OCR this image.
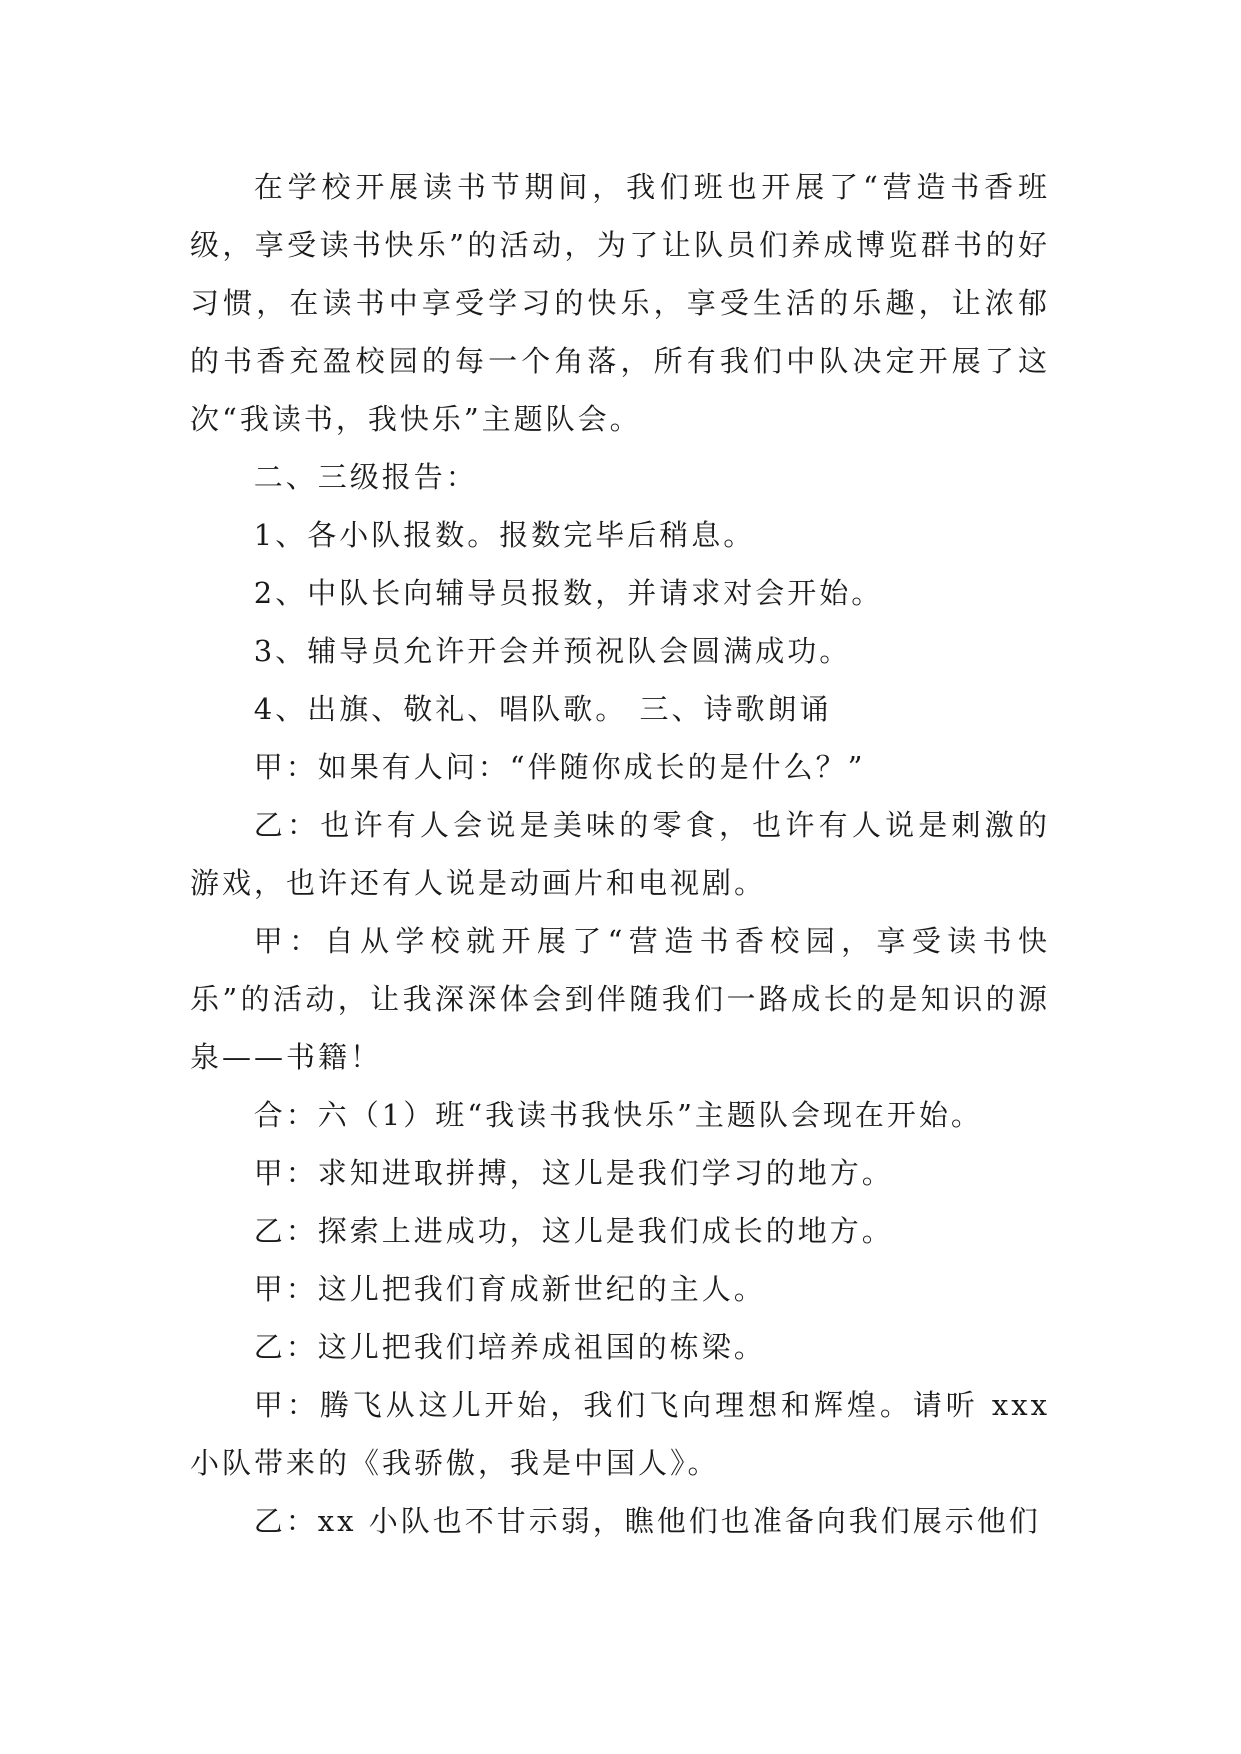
在学校开展读书节期间，我们班也开展了“营造书香班级，享受读书快乐”的活动，为了让队员们养成博览群书的好习惯，在读书中享受学习的快乐，享受生活的乐趣，让浓郁的书香充盈校园的每一个角落，所有我们中队决定开展了这次“我读书，我快乐”主题队会。

二、三级报告：

1、各小队报数。报数完毕后稍息。

2、中队长向辅导员报数，并请求对会开始。

3、辅导员允许开会并预祝队会圆满成功。

4、出旗、敬礼、唱队歌。 三、诗歌朗诵

甲：如果有人问：“伴随你成长的是什么？”

乙：也许有人会说是美味的零食，也许有人说是刺激的游戏，也许还有人说是动画片和电视剧。

甲：自从学校就开展了“营造书香校园，享受读书快乐”的活动，让我深深体会到伴随我们一路成长的是知识的源泉——书籍！

合：六（1）班“我读书我快乐”主题队会现在开始。

甲：求知进取拼搏，这儿是我们学习的地方。

乙：探索上进成功，这儿是我们成长的地方。

甲：这儿把我们育成新世纪的主人。

乙：这儿把我们培养成祖国的栋梁。

甲：腾飞从这儿开始，我们飞向理想和辉煌。请听 xxx 小队带来的《我骄傲，我是中国人》。

乙：xx 小队也不甘示弱，瞧他们也准备向我们展示他们
